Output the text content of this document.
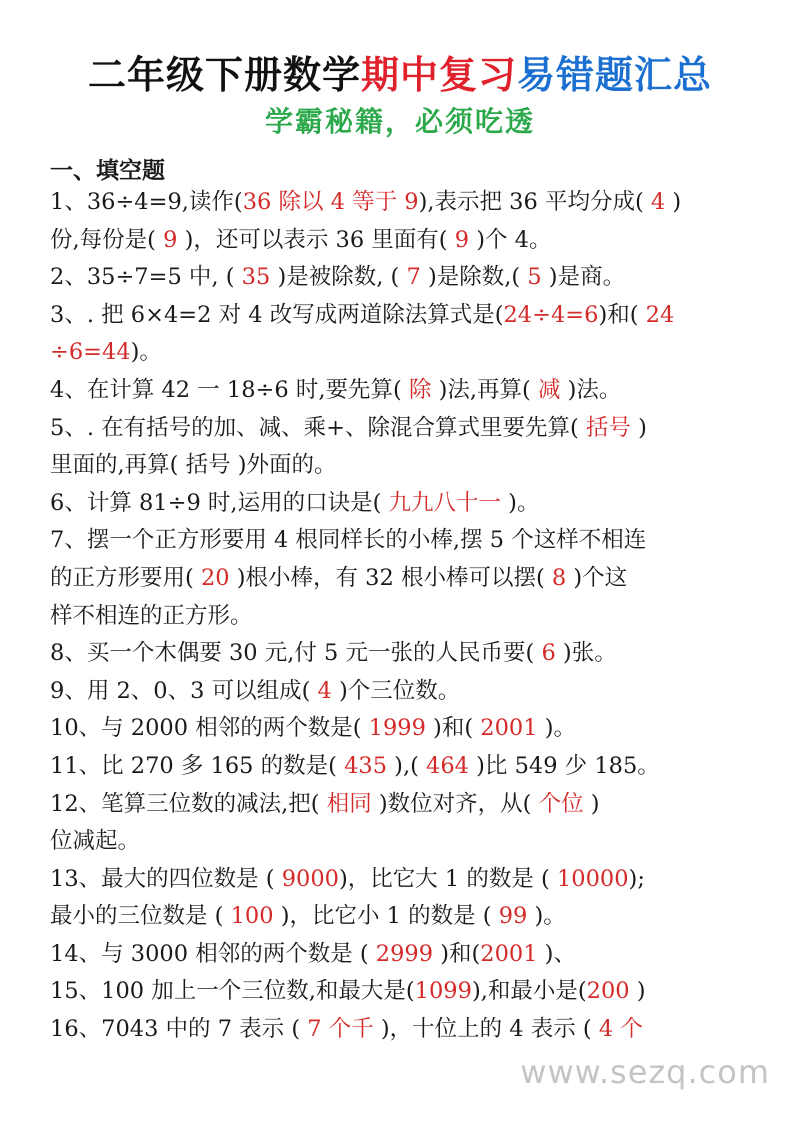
二年级下册数学期中复习易错题汇总
学霸秘籍，必须吃透
一、填空题
1、36÷4=9,读作(36 除以 4 等于 9),表示把 36 平均分成( 4 )
份,每份是( 9 )，还可以表示 36 里面有( 9 )个 4。
2、35÷7=5 中, ( 35 )是被除数, ( 7 )是除数,( 5 )是商。
3、. 把 6×4=2 对 4 改写成两道除法算式是(24÷4=6)和( 24
÷6=44)。
4、在计算 42 一 18÷6 时,要先算( 除 )法,再算( 减 )法。
5、. 在有括号的加、减、乘+、除混合算式里要先算( 括号 )
里面的,再算( 括号 )外面的。
6、计算 81÷9 时,运用的口诀是( 九九八十一 )。
7、摆一个正方形要用 4 根同样长的小棒,摆 5 个这样不相连
的正方形要用( 20 )根小棒，有 32 根小棒可以摆( 8 )个这
样不相连的正方形。
8、买一个木偶要 30 元,付 5 元一张的人民币要( 6 )张。
9、用 2、0、3 可以组成( 4 )个三位数。
10、与 2000 相邻的两个数是( 1999 )和( 2001 )。
11、比 270 多 165 的数是( 435 ),( 464 )比 549 少 185。
12、笔算三位数的减法,把( 相同 )数位对齐，从( 个位 )
位减起。
13、最大的四位数是 ( 9000)，比它大 1 的数是 ( 10000);
最小的三位数是 ( 100 )，比它小 1 的数是 ( 99 )。
14、与 3000 相邻的两个数是 ( 2999 )和(2001 )、
15、100 加上一个三位数,和最大是(1099),和最小是(200 )
16、7043 中的 7 表示 ( 7 个千 )，十位上的 4 表示 ( 4 个
www.sezq.com
